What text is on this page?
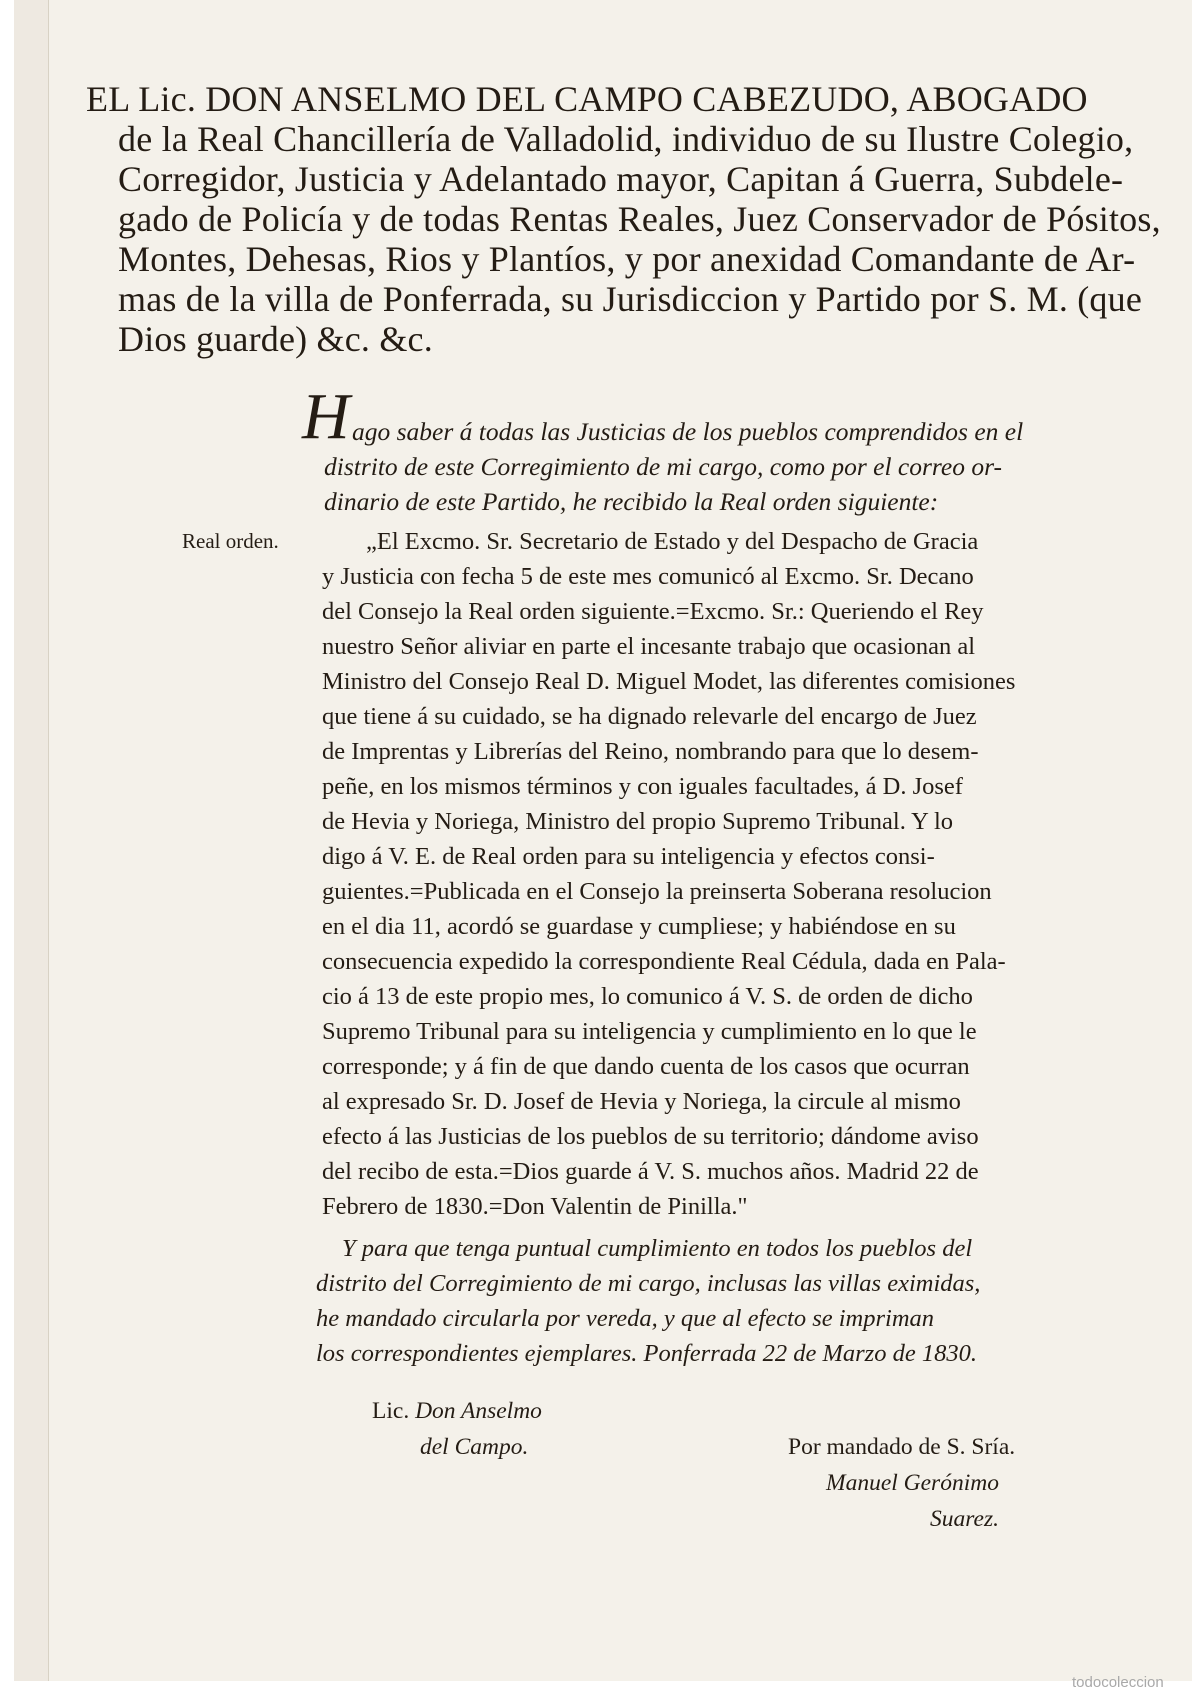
EL Lic. DON ANSELMO DEL CAMPO CABEZUDO, ABOGADO
de la Real Chancillería de Valladolid, individuo de su Ilustre Colegio,
Corregidor, Justicia y Adelantado mayor, Capitan á Guerra, Subdele-
gado de Policía y de todas Rentas Reales, Juez Conservador de Pósitos,
Montes, Dehesas, Rios y Plantíos, y por anexidad Comandante de Ar-
mas de la villa de Ponferrada, su Jurisdiccion y Partido por S. M. (que
Dios guarde) &c. &c.
H ago saber á todas las Justicias de los pueblos comprendidos en el
distrito de este Corregimiento de mi cargo, como por el correo or-
dinario de este Partido, he recibido la Real orden siguiente:
Real orden.	„El Excmo. Sr. Secretario de Estado y del Despacho de Gracia
y Justicia con fecha 5 de este mes comunicó al Excmo. Sr. Decano
del Consejo la Real orden siguiente.=Excmo. Sr.: Queriendo el Rey
nuestro Señor aliviar en parte el incesante trabajo que ocasionan al
Ministro del Consejo Real D. Miguel Modet, las diferentes comisiones
que tiene á su cuidado, se ha dignado relevarle del encargo de Juez
de Imprentas y Librerías del Reino, nombrando para que lo desem-
peñe, en los mismos términos y con iguales facultades, á D. Josef
de Hevia y Noriega, Ministro del propio Supremo Tribunal. Y lo
digo á V. E. de Real orden para su inteligencia y efectos consi-
guientes.=Publicada en el Consejo la preinserta Soberana resolucion
en el dia 11, acordó se guardase y cumpliese; y habiéndose en su
consecuencia expedido la correspondiente Real Cédula, dada en Pala-
cio á 13 de este propio mes, lo comunico á V. S. de orden de dicho
Supremo Tribunal para su inteligencia y cumplimiento en lo que le
corresponde; y á fin de que dando cuenta de los casos que ocurran
al expresado Sr. D. Josef de Hevia y Noriega, la circule al mismo
efecto á las Justicias de los pueblos de su territorio; dándome aviso
del recibo de esta.=Dios guarde á V. S. muchos años. Madrid 22 de
Febrero de 1830.=Don Valentin de Pinilla."
Y para que tenga puntual cumplimiento en todos los pueblos del
distrito del Corregimiento de mi cargo, inclusas las villas eximidas,
he mandado circularla por vereda, y que al efecto se impriman
los correspondientes ejemplares. Ponferrada 22 de Marzo de 1830.
Lic. Don Anselmo
del Campo.	Por mandado de S. Sría.
Manuel Gerónimo
Suarez.
todocoleccion
